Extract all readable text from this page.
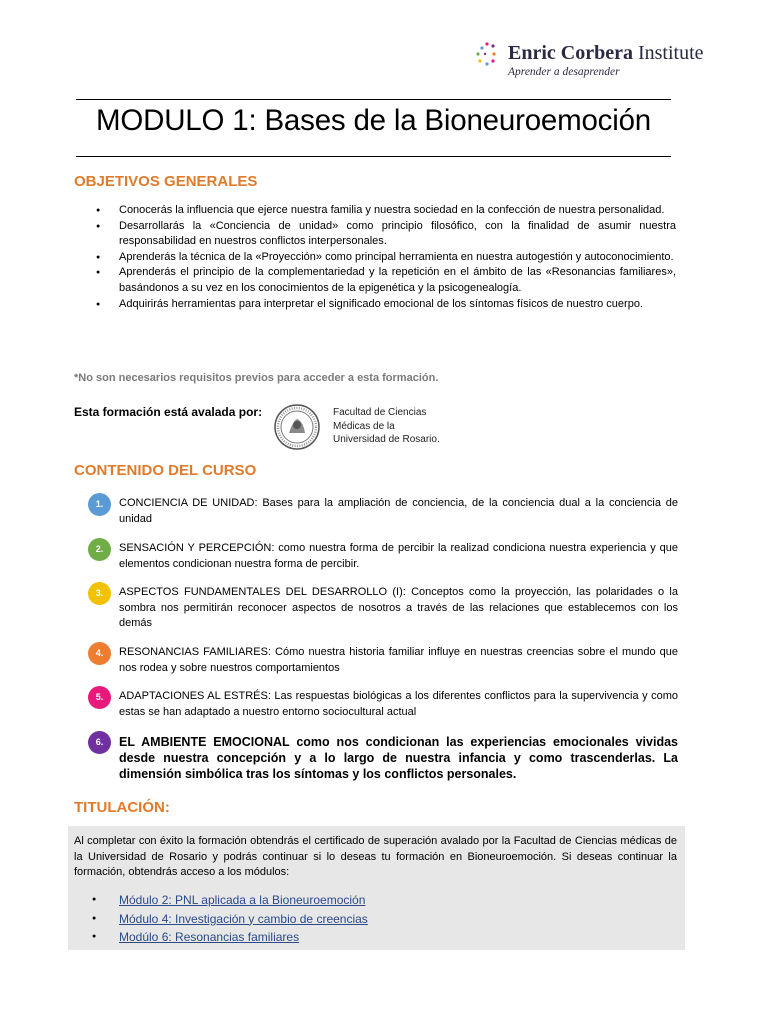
Enric Corbera Institute
Aprender a desaprender
MODULO 1: Bases de la Bioneuroemoción
OBJETIVOS GENERALES
● Conocerás la influencia que ejerce nuestra familia y nuestra sociedad en la confección de nuestra personalidad.
● Desarrollarás la «Conciencia de unidad» como principio filosófico, con la finalidad de asumir nuestra responsabilidad en nuestros conflictos interpersonales.
● Aprenderás la técnica de la «Proyección» como principal herramienta en nuestra autogestión y autoconocimiento.
● Aprenderás el principio de la complementariedad y la repetición en el ámbito de las «Resonancias familiares», basándonos a su vez en los conocimientos de la epigenética y la psicogenealogía.
● Adquirirás herramientas para interpretar el significado emocional de los síntomas físicos de nuestro cuerpo.
*No son necesarios requisitos previos para acceder a esta formación.
Esta formación está avalada por:	Facultad de Ciencias
Médicas de la
Universidad de Rosario.
CONTENIDO DEL CURSO
1.	CONCIENCIA DE UNIDAD: Bases para la ampliación de conciencia, de la conciencia dual a la conciencia de unidad
2.	SENSACIÓN Y PERCEPCIÓN: como nuestra forma de percibir la realizad condiciona nuestra experiencia y que elementos condicionan nuestra forma de percibir.
3.	ASPECTOS FUNDAMENTALES DEL DESARROLLO (I): Conceptos como la proyección, las polaridades o la sombra nos permitirán reconocer aspectos de nosotros a través de las relaciones que establecemos con los demás
4.	RESONANCIAS FAMILIARES: Cómo nuestra historia familiar influye en nuestras creencias sobre el mundo que nos rodea y sobre nuestros comportamientos
5.	ADAPTACIONES AL ESTRÉS: Las respuestas biológicas a los diferentes conflictos para la supervivencia y como estas se han adaptado a nuestro entorno sociocultural actual
6.	EL AMBIENTE EMOCIONAL como nos condicionan las experiencias emocionales vividas desde nuestra concepción y a lo largo de nuestra infancia y como trascenderlas. La dimensión simbólica tras los síntomas y los conflictos personales.
TITULACIÓN:
Al completar con éxito la formación obtendrás el certificado de superación avalado por la Facultad de Ciencias médicas de la Universidad de Rosario y podrás continuar si lo deseas tu formación en Bioneuroemoción. Si deseas continuar la formación, obtendrás acceso a los módulos:
● Módulo 2: PNL aplicada a la Bioneuroemoción
● Módulo 4: Investigación y cambio de creencias
● Modúlo 6: Resonancias familiares
